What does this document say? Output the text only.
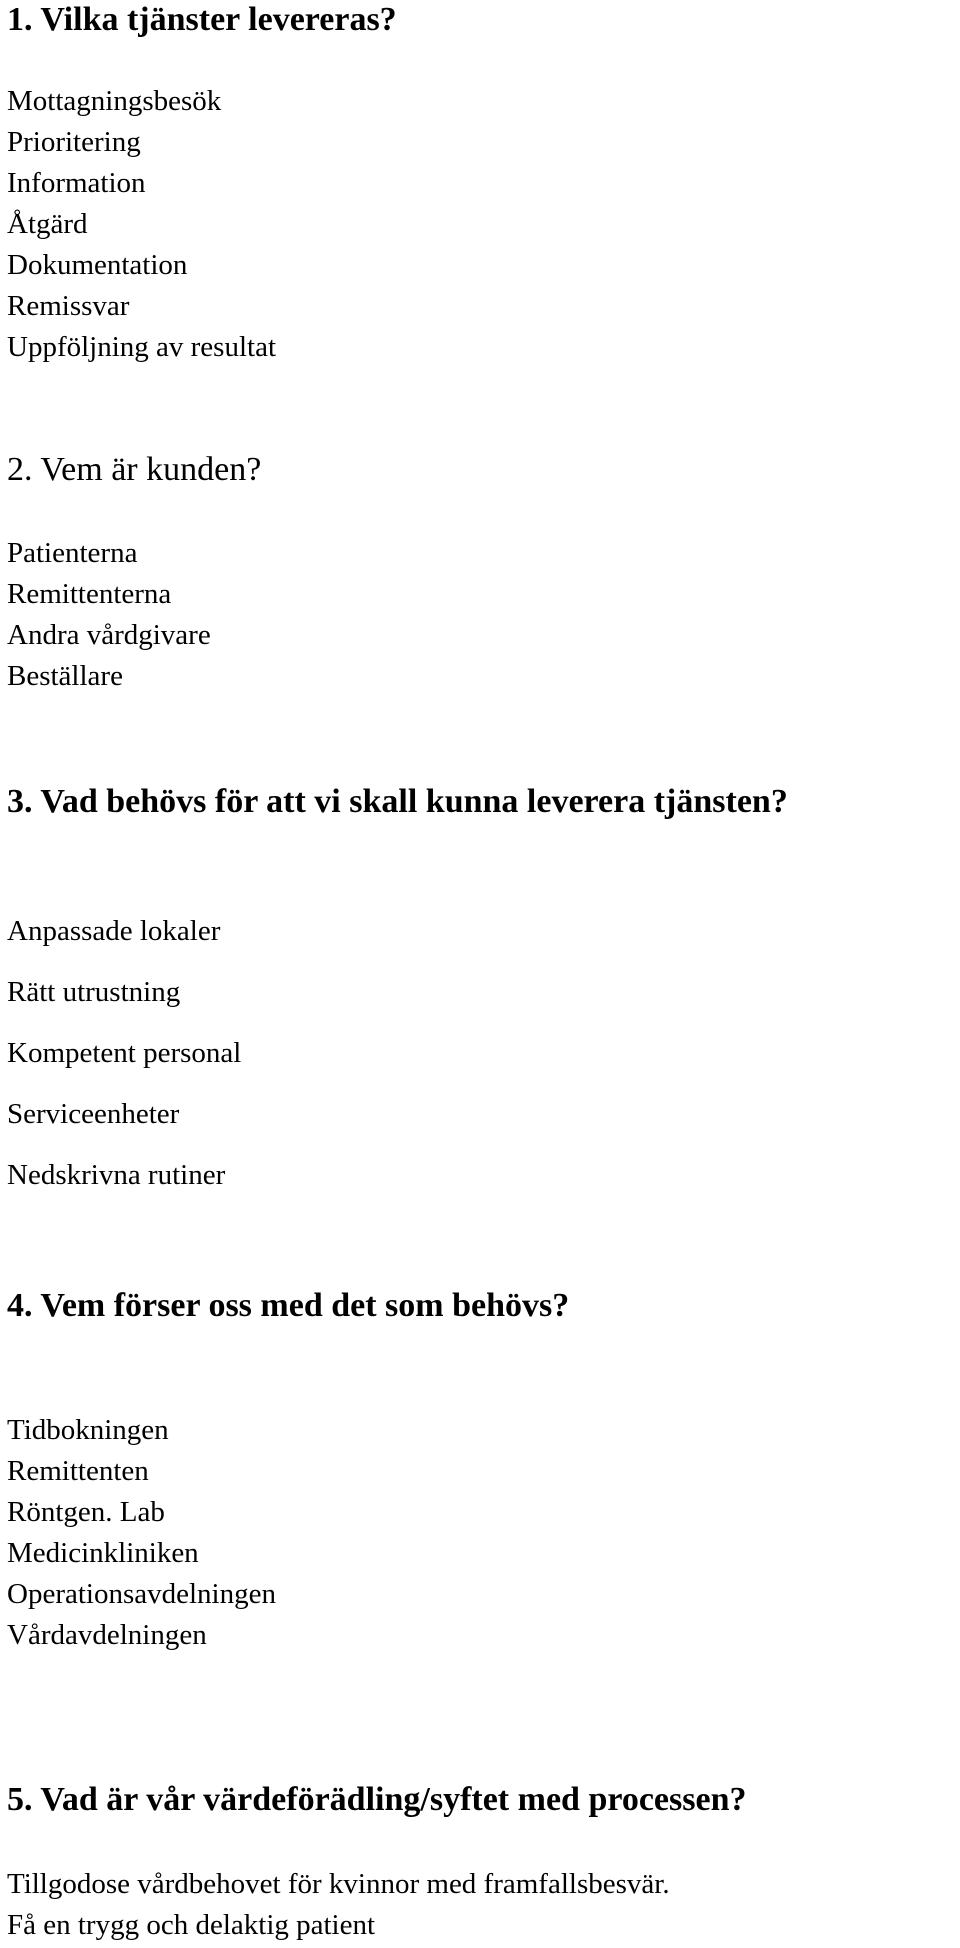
1. Vilka tjänster levereras?
Mottagningsbesök
Prioritering
Information
Åtgärd
Dokumentation
Remissvar
Uppföljning av resultat
2. Vem är kunden?
Patienterna
Remittenterna
Andra vårdgivare
Beställare
3. Vad behövs för att vi skall kunna leverera tjänsten?
Anpassade lokaler
Rätt utrustning
Kompetent personal
Serviceenheter
Nedskrivna rutiner
4. Vem förser oss med det som behövs?
Tidbokningen
Remittenten
Röntgen. Lab
Medicinkliniken
Operationsavdelningen
Vårdavdelningen
5. Vad är vår värdeförädling/syftet med processen?
Tillgodose vårdbehovet för kvinnor med framfallsbesvär.
Få en trygg och delaktig patient
